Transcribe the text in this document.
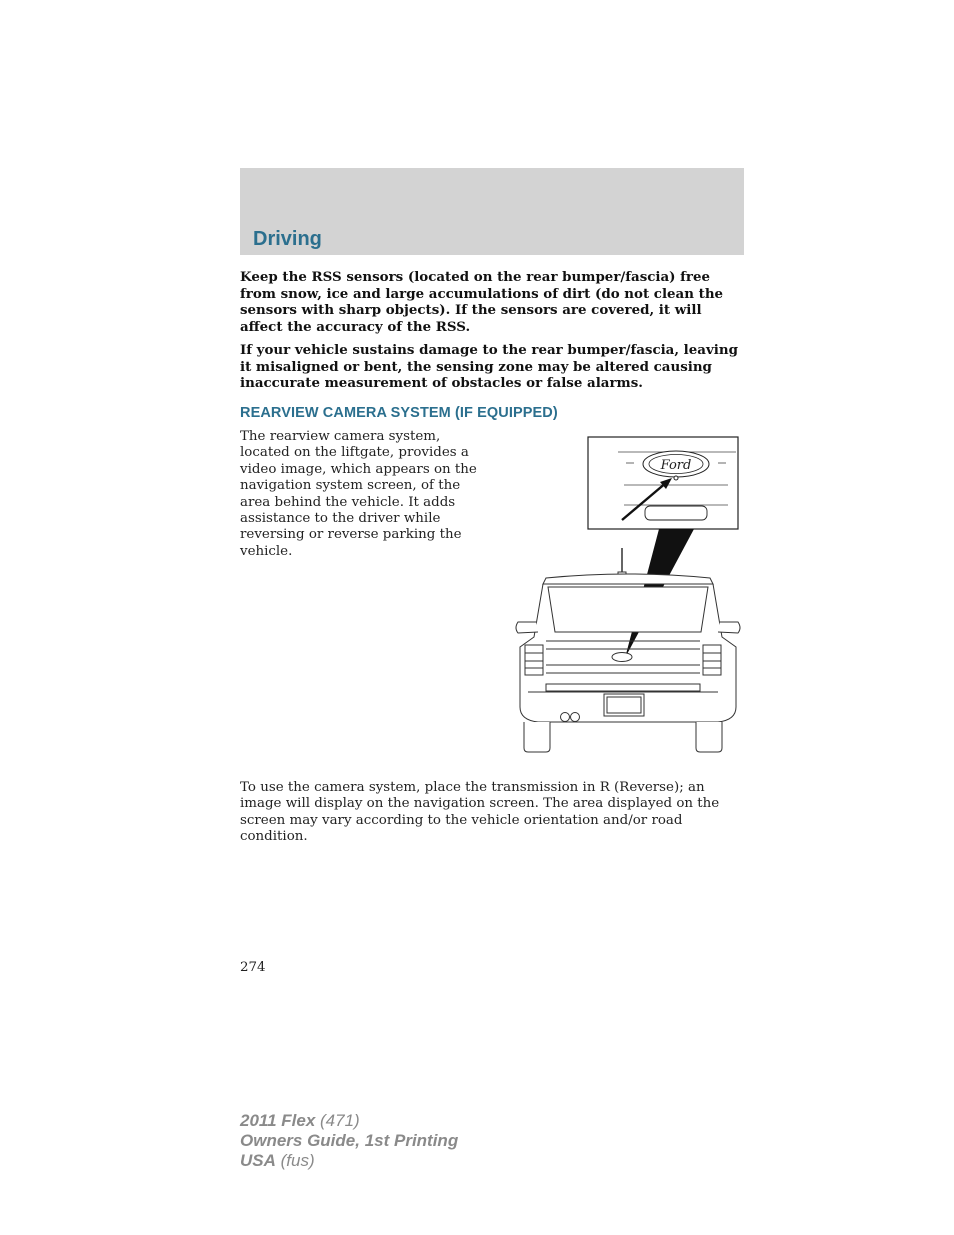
Driving
Keep the RSS sensors (located on the rear bumper/fascia) free from snow, ice and large accumulations of dirt (do not clean the sensors with sharp objects). If the sensors are covered, it will affect the accuracy of the RSS.
If your vehicle sustains damage to the rear bumper/fascia, leaving it misaligned or bent, the sensing zone may be altered causing inaccurate measurement of obstacles or false alarms.
REARVIEW CAMERA SYSTEM (IF EQUIPPED)
The rearview camera system, located on the liftgate, provides a video image, which appears on the navigation system screen, of the area behind the vehicle. It adds assistance to the driver while reversing or reverse parking the vehicle.
Ford
To use the camera system, place the transmission in R (Reverse); an image will display on the navigation screen. The area displayed on the screen may vary according to the vehicle orientation and/or road condition.
274
2011 Flex (471)
Owners Guide, 1st Printing
USA (fus)
